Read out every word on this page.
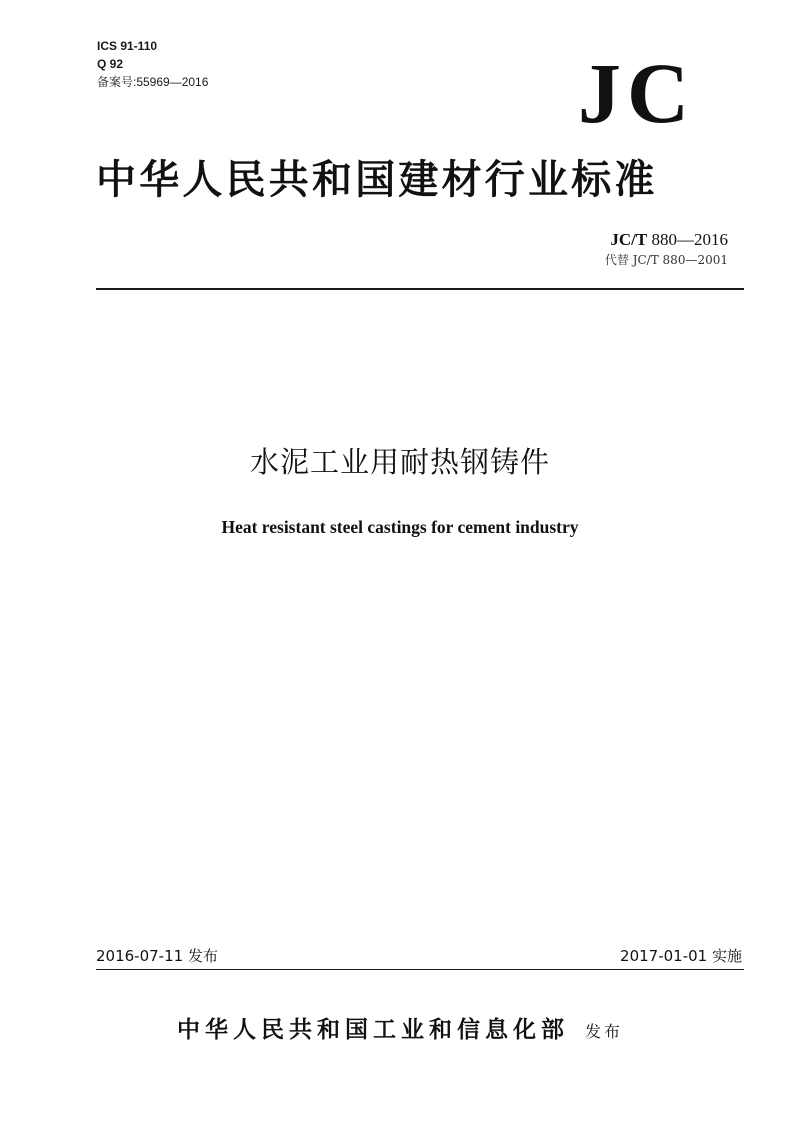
ICS 91-110
Q 92
备案号:55969—2016	JC
中华人民共和国建材行业标准
JC/T 880—2016
代替 JC/T 880—2001
水泥工业用耐热钢铸件
Heat resistant steel castings for cement industry
2016-07-11 发布	2017-01-01 实施
中华人民共和国工业和信息化部 发布
